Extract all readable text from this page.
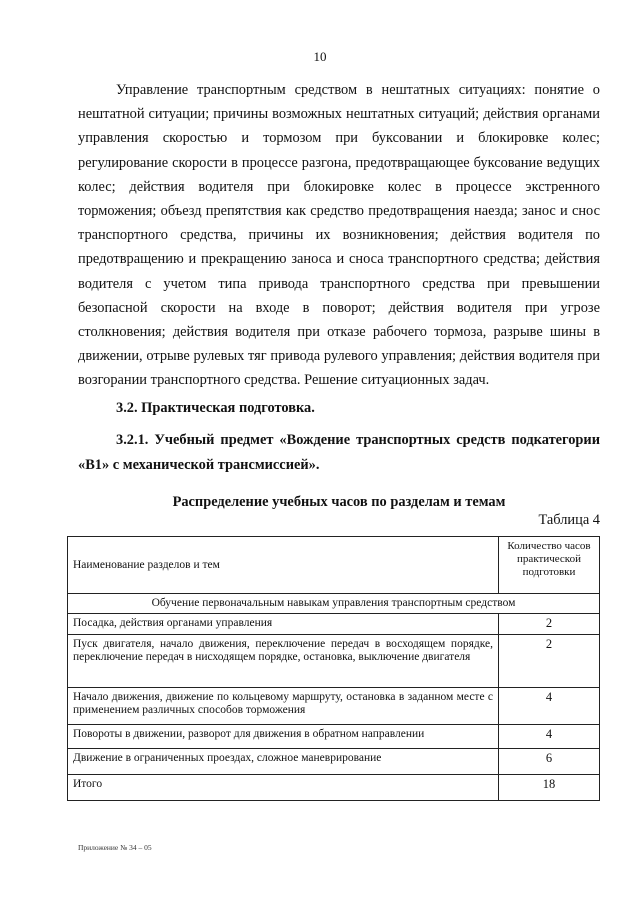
10

Управление транспортным средством в нештатных ситуациях: понятие о нештатной ситуации; причины возможных нештатных ситуаций; действия органами управления скоростью и тормозом при буксовании и блокировке колес; регулирование скорости в процессе разгона, предотвращающее буксование ведущих колес; действия водителя при блокировке колес в процессе экстренного торможения; объезд препятствия как средство предотвращения наезда; занос и снос транспортного средства, причины их возникновения; действия водителя по предотвращению и прекращению заноса и сноса транспортного средства; действия водителя с учетом типа привода транспортного средства при превышении безопасной скорости на входе в поворот; действия водителя при угрозе столкновения; действия водителя при отказе рабочего тормоза, разрыве шины в движении, отрыве рулевых тяг привода рулевого управления; действия водителя при возгорании транспортного средства. Решение ситуационных задач.

3.2. Практическая подготовка.

3.2.1. Учебный предмет «Вождение транспортных средств подкатегории «В1» с механической трансмиссией».

Распределение учебных часов по разделам и темам
Таблица 4
Наименование разделов и тем	Количество часов практической подготовки
Обучение первоначальным навыкам управления транспортным средством	
Посадка, действия органами управления	2
Пуск двигателя, начало движения, переключение передач в восходящем порядке, переключение передач в нисходящем порядке, остановка, выключение двигателя	2
Начало движения, движение по кольцевому маршруту, остановка в заданном месте с применением различных способов торможения	4
Повороты в движении, разворот для движения в обратном направлении	4
Движение в ограниченных проездах, сложное маневрирование	6
Итого	18
Приложение № 34 – 05
